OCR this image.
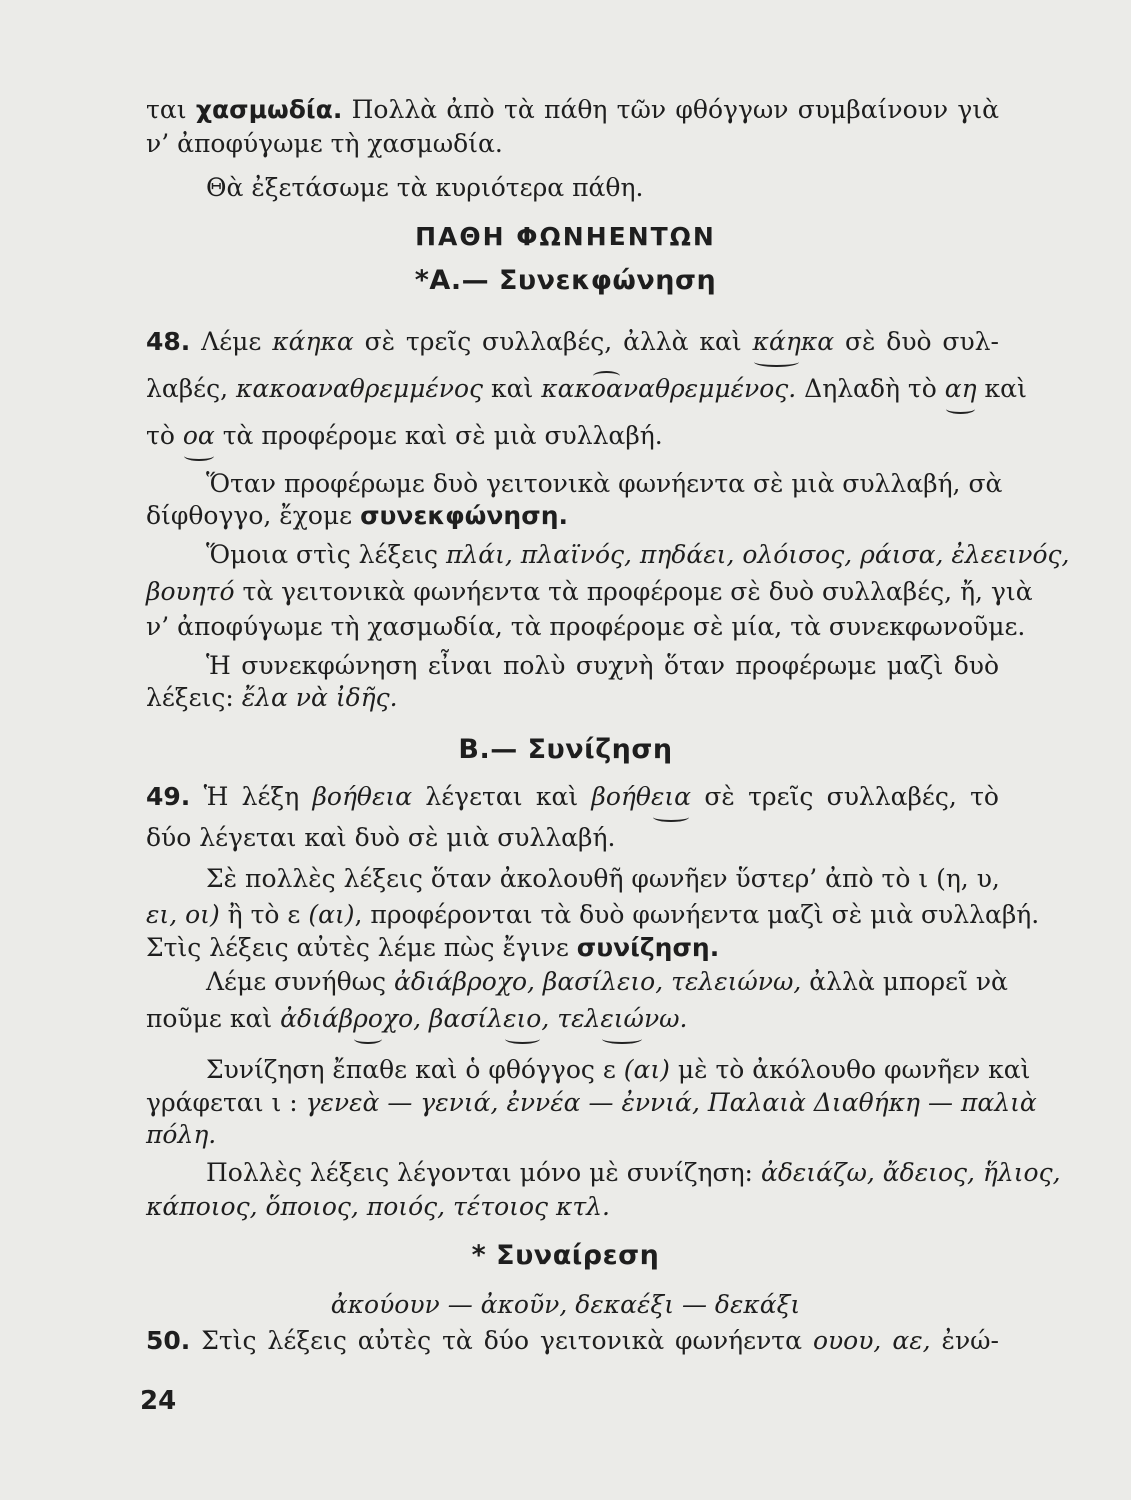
ται χασμωδία. Πολλὰ ἀπὸ τὰ πάθη τῶν φθόγγων συμβαίνουν γιὰ
ν’ ἀποφύγωμε τὴ χασμωδία.
Θὰ ἐξετάσωμε τὰ κυριότερα πάθη.
ΠΑΘΗ ΦΩΝΗΕΝΤΩΝ
*Α.— Συνεκφώνηση
48. Λέμε κάηκα σὲ τρεῖς συλλαβές, ἀλλὰ καὶ κάηκα σὲ δυὸ συλ-
λαβές, κακοαναθρεμμένος καὶ κακοαναθρεμμένος. Δηλαδὴ τὸ αη καὶ
τὸ οα τὰ προφέρομε καὶ σὲ μιὰ συλλαβή.
Ὅταν προφέρωμε δυὸ γειτονικὰ φωνήεντα σὲ μιὰ συλλαβή, σὰ
δίφθογγο, ἔχομε συνεκφώνηση.
Ὅμοια στὶς λέξεις πλάι, πλαϊνός, πηδάει, ολόισος, ράισα, ἐλεεινός,
βουητό τὰ γειτονικὰ φωνήεντα τὰ προφέρομε σὲ δυὸ συλλαβές, ἤ, γιὰ
ν’ ἀποφύγωμε τὴ χασμωδία, τὰ προφέρομε σὲ μία, τὰ συνεκφωνοῦμε.
Ἡ συνεκφώνηση εἶναι πολὺ συχνὴ ὅταν προφέρωμε μαζὶ δυὸ
λέξεις: ἔλα νὰ ἰδῆς.
Β.— Συνίζηση
49. Ἡ λέξη βοήθεια λέγεται καὶ βοήθεια σὲ τρεῖς συλλαβές, τὸ
δύο λέγεται καὶ δυὸ σὲ μιὰ συλλαβή.
Σὲ πολλὲς λέξεις ὅταν ἀκολουθῆ φωνῆεν ὕστερ’ ἀπὸ τὸ ι (η, υ,
ει, οι) ἢ τὸ ε (αι), προφέρονται τὰ δυὸ φωνήεντα μαζὶ σὲ μιὰ συλλαβή.
Στὶς λέξεις αὐτὲς λέμε πὼς ἔγινε συνίζηση.
Λέμε συνήθως ἀδιάβροχο, βασίλειο, τελειώνω, ἀλλὰ μπορεῖ νὰ
ποῦμε καὶ ἀδιάβροχο, βασίλειο, τελειώνω.
Συνίζηση ἔπαθε καὶ ὁ φθόγγος ε (αι) μὲ τὸ ἀκόλουθο φωνῆεν καὶ
γράφεται ι : γενεὰ — γενιά, ἐννέα — ἐννιά, Παλαιὰ Διαθήκη — παλιὰ
πόλη.
Πολλὲς λέξεις λέγονται μόνο μὲ συνίζηση: ἀδειάζω, ἄδειος, ἥλιος,
κάποιος, ὅποιος, ποιός, τέτοιος κτλ.
* Συναίρεση
ἀκούουν — ἀκοῦν, δεκαέξι — δεκάξι
50. Στὶς λέξεις αὐτὲς τὰ δύο γειτονικὰ φωνήεντα ουου, αε, ἐνώ-
24
